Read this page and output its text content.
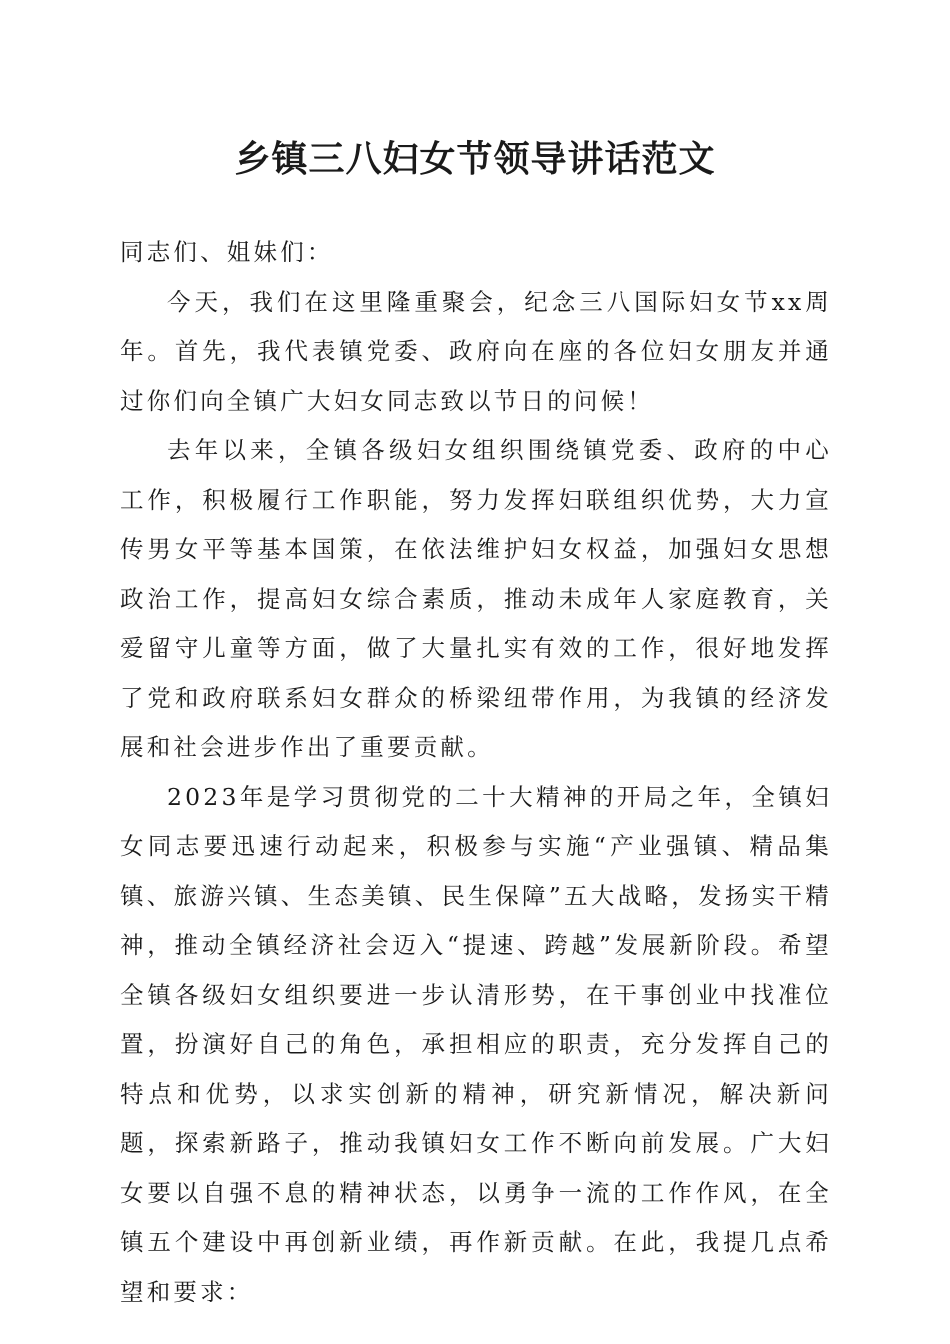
乡镇三八妇女节领导讲话范文

同志们、姐妹们：

今天，我们在这里隆重聚会，纪念三八国际妇女节xx周年。首先，我代表镇党委、政府向在座的各位妇女朋友并通过你们向全镇广大妇女同志致以节日的问候！

去年以来，全镇各级妇女组织围绕镇党委、政府的中心工作，积极履行工作职能，努力发挥妇联组织优势，大力宣传男女平等基本国策，在依法维护妇女权益，加强妇女思想政治工作，提高妇女综合素质，推动未成年人家庭教育，关爱留守儿童等方面，做了大量扎实有效的工作，很好地发挥了党和政府联系妇女群众的桥梁纽带作用，为我镇的经济发展和社会进步作出了重要贡献。

2023年是学习贯彻党的二十大精神的开局之年，全镇妇女同志要迅速行动起来，积极参与实施“产业强镇、精品集镇、旅游兴镇、生态美镇、民生保障”五大战略，发扬实干精神，推动全镇经济社会迈入“提速、跨越”发展新阶段。希望全镇各级妇女组织要进一步认清形势，在干事创业中找准位置，扮演好自己的角色，承担相应的职责，充分发挥自己的特点和优势，以求实创新的精神，研究新情况，解决新问题，探索新路子，推动我镇妇女工作不断向前发展。广大妇女要以自强不息的精神状态，以勇争一流的工作作风，在全镇五个建设中再创新业绩，再作新贡献。在此，我提几点希望和要求：
